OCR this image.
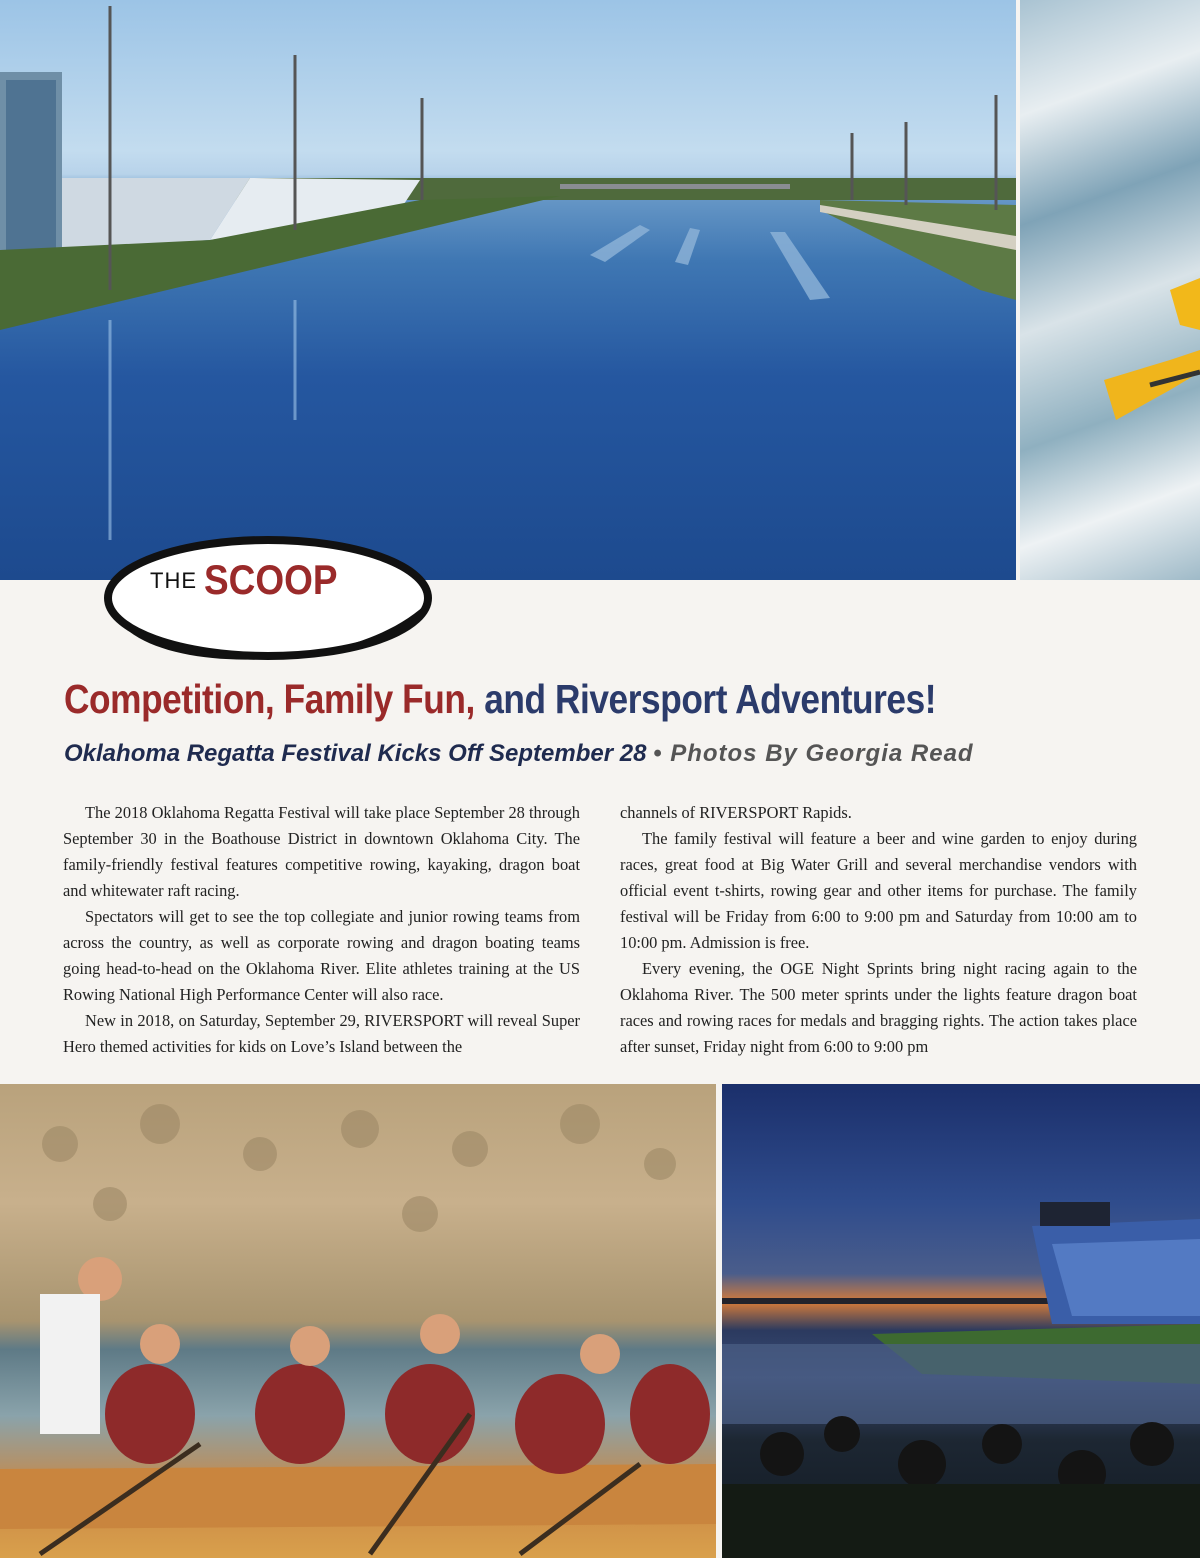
THE SCOOP
Competition, Family Fun, and Riversport Adventures!
Oklahoma Regatta Festival Kicks Off September 28 • Photos By Georgia Read

The 2018 Oklahoma Regatta Festival will take place September 28 through September 30 in the Boathouse District in downtown Oklahoma City. The family-friendly festival features competitive rowing, kayaking, dragon boat and whitewater raft racing.

Spectators will get to see the top collegiate and junior rowing teams from across the country, as well as corporate rowing and dragon boating teams going head-to-head on the Oklahoma River. Elite athletes training at the US Rowing National High Performance Center will also race.

New in 2018, on Saturday, September 29, RIVERSPORT will reveal Super Hero themed activities for kids on Love’s Island between the

channels of RIVERSPORT Rapids.

The family festival will feature a beer and wine garden to enjoy during races, great food at Big Water Grill and several merchandise vendors with official event t-shirts, rowing gear and other items for purchase. The family festival will be Friday from 6:00 to 9:00 pm and Saturday from 10:00 am to 10:00 pm. Admission is free.

Every evening, the OGE Night Sprints bring night racing again to the Oklahoma River. The 500 meter sprints under the lights feature dragon boat races and rowing races for medals and bragging rights. The action takes place after sunset, Friday night from 6:00 to 9:00 pm
